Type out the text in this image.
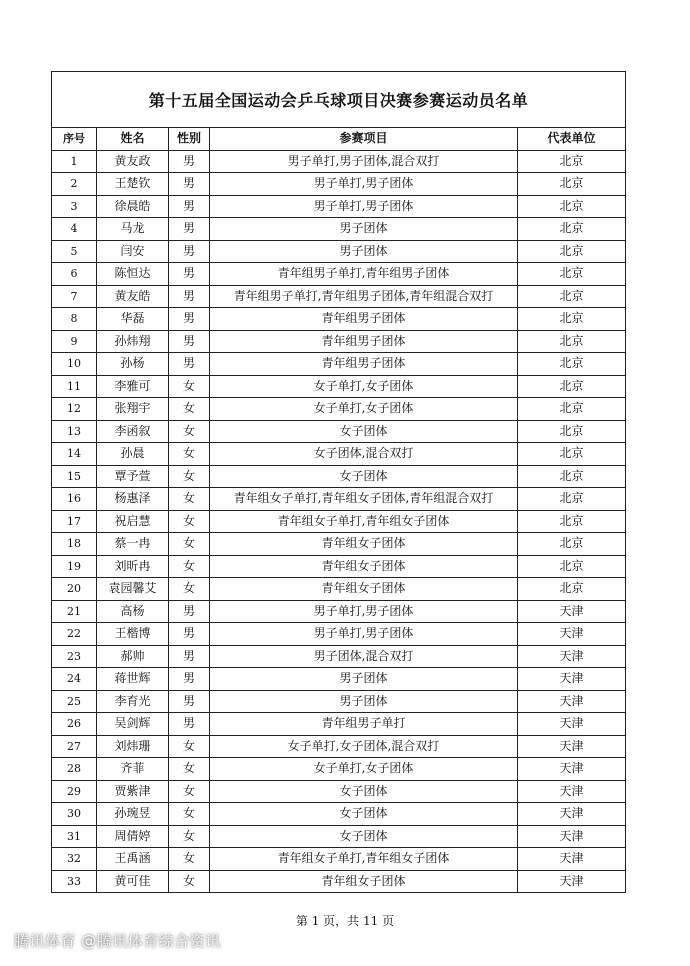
第十五届全国运动会乒乓球项目决赛参赛运动员名单
序号	姓名	性别	参赛项目	代表单位
1	黄友政	男	男子单打,男子团体,混合双打	北京
2	王楚钦	男	男子单打,男子团体	北京
3	徐晨皓	男	男子单打,男子团体	北京
4	马龙	男	男子团体	北京
5	闫安	男	男子团体	北京
6	陈恒达	男	青年组男子单打,青年组男子团体	北京
7	黄友皓	男	青年组男子单打,青年组男子团体,青年组混合双打	北京
8	华磊	男	青年组男子团体	北京
9	孙炜翔	男	青年组男子团体	北京
10	孙杨	男	青年组男子团体	北京
11	李雅可	女	女子单打,女子团体	北京
12	张翔宇	女	女子单打,女子团体	北京
13	李函叙	女	女子团体	北京
14	孙晨	女	女子团体,混合双打	北京
15	覃予萱	女	女子团体	北京
16	杨惠泽	女	青年组女子单打,青年组女子团体,青年组混合双打	北京
17	祝启慧	女	青年组女子单打,青年组女子团体	北京
18	蔡一冉	女	青年组女子团体	北京
19	刘昕冉	女	青年组女子团体	北京
20	袁园馨艾	女	青年组女子团体	北京
21	高杨	男	男子单打,男子团体	天津
22	王楷博	男	男子单打,男子团体	天津
23	郝帅	男	男子团体,混合双打	天津
24	蒋世辉	男	男子团体	天津
25	李育光	男	男子团体	天津
26	吴剑辉	男	青年组男子单打	天津
27	刘炜珊	女	女子单打,女子团体,混合双打	天津
28	齐菲	女	女子单打,女子团体	天津
29	贾紫津	女	女子团体	天津
30	孙琬昱	女	女子团体	天津
31	周倩婷	女	女子团体	天津
32	王禹涵	女	青年组女子单打,青年组女子团体	天津
33	黄可佳	女	青年组女子团体	天津
第 1 页，共 11 页
腾讯体育 @腾讯体育综合资讯
